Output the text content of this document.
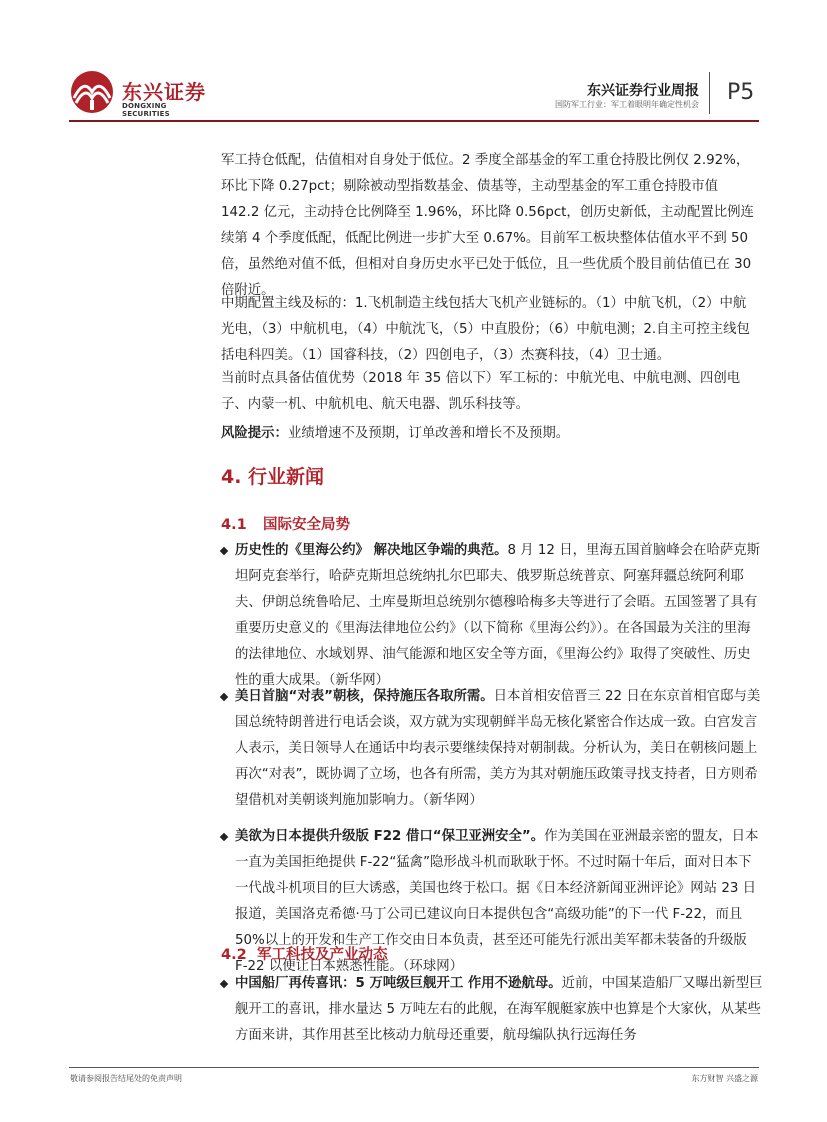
东兴证券
DONGXING SECURITIES
东兴证券行业周报
国防军工行业：军工着眼明年确定性机会 P5

军工持仓低配，估值相对自身处于低位。2 季度全部基金的军工重仓持股比例仅 2.92%，环比下降 0.27pct；剔除被动型指数基金、债基等，主动型基金的军工重仓持股市值 142.2 亿元，主动持仓比例降至 1.96%，环比降 0.56pct，创历史新低，主动配置比例连续第 4 个季度低配，低配比例进一步扩大至 0.67%。目前军工板块整体估值水平不到 50 倍，虽然绝对值不低，但相对自身历史水平已处于低位，且一些优质个股目前估值已在 30 倍附近。

中期配置主线及标的：1.飞机制造主线包括大飞机产业链标的。（1）中航飞机，（2）中航光电，（3）中航机电，（4）中航沈飞，（5）中直股份；（6）中航电测；2.自主可控主线包括电科四美。（1）国睿科技，（2）四创电子，（3）杰赛科技，（4）卫士通。

当前时点具备估值优势（2018 年 35 倍以下）军工标的：中航光电、中航电测、四创电子、内蒙一机、中航机电、航天电器、凯乐科技等。

风险提示：业绩增速不及预期，订单改善和增长不及预期。

4. 行业新闻
4.1 国际安全局势
历史性的《里海公约》 解决地区争端的典范。8 月 12 日，里海五国首脑峰会在哈萨克斯坦阿克套举行，哈萨克斯坦总统纳扎尔巴耶夫、俄罗斯总统普京、阿塞拜疆总统阿利耶夫、伊朗总统鲁哈尼、土库曼斯坦总统别尔德穆哈梅多夫等进行了会晤。五国签署了具有重要历史意义的《里海法律地位公约》（以下简称《里海公约》）。在各国最为关注的里海的法律地位、水域划界、油气能源和地区安全等方面，《里海公约》取得了突破性、历史性的重大成果。（新华网）
美日首脑“对表”朝核，保持施压各取所需。日本首相安倍晋三 22 日在东京首相官邸与美国总统特朗普进行电话会谈，双方就为实现朝鲜半岛无核化紧密合作达成一致。白宫发言人表示，美日领导人在通话中均表示要继续保持对朝制裁。分析认为，美日在朝核问题上再次“对表”，既协调了立场，也各有所需，美方为其对朝施压政策寻找支持者，日方则希望借机对美朝谈判施加影响力。（新华网）
美欲为日本提供升级版 F22 借口“保卫亚洲安全”。作为美国在亚洲最亲密的盟友，日本一直为美国拒绝提供 F-22“猛禽”隐形战斗机而耿耿于怀。不过时隔十年后，面对日本下一代战斗机项目的巨大诱惑，美国也终于松口。据《日本经济新闻亚洲评论》网站 23 日报道，美国洛克希德·马丁公司已建议向日本提供包含“高级功能”的下一代 F-22，而且 50%以上的开发和生产工作交由日本负责，甚至还可能先行派出美军都未装备的升级版 F-22 以便让日本熟悉性能。（环球网）
4.2 军工科技及产业动态
中国船厂再传喜讯：5 万吨级巨舰开工 作用不逊航母。近前，中国某造船厂又曝出新型巨舰开工的喜讯，排水量达 5 万吨左右的此舰，在海军舰艇家族中也算是个大家伙，从某些方面来讲，其作用甚至比核动力航母还重要，航母编队执行远海任务
敬请参阅报告结尾处的免责声明	东方财智 兴盛之源
